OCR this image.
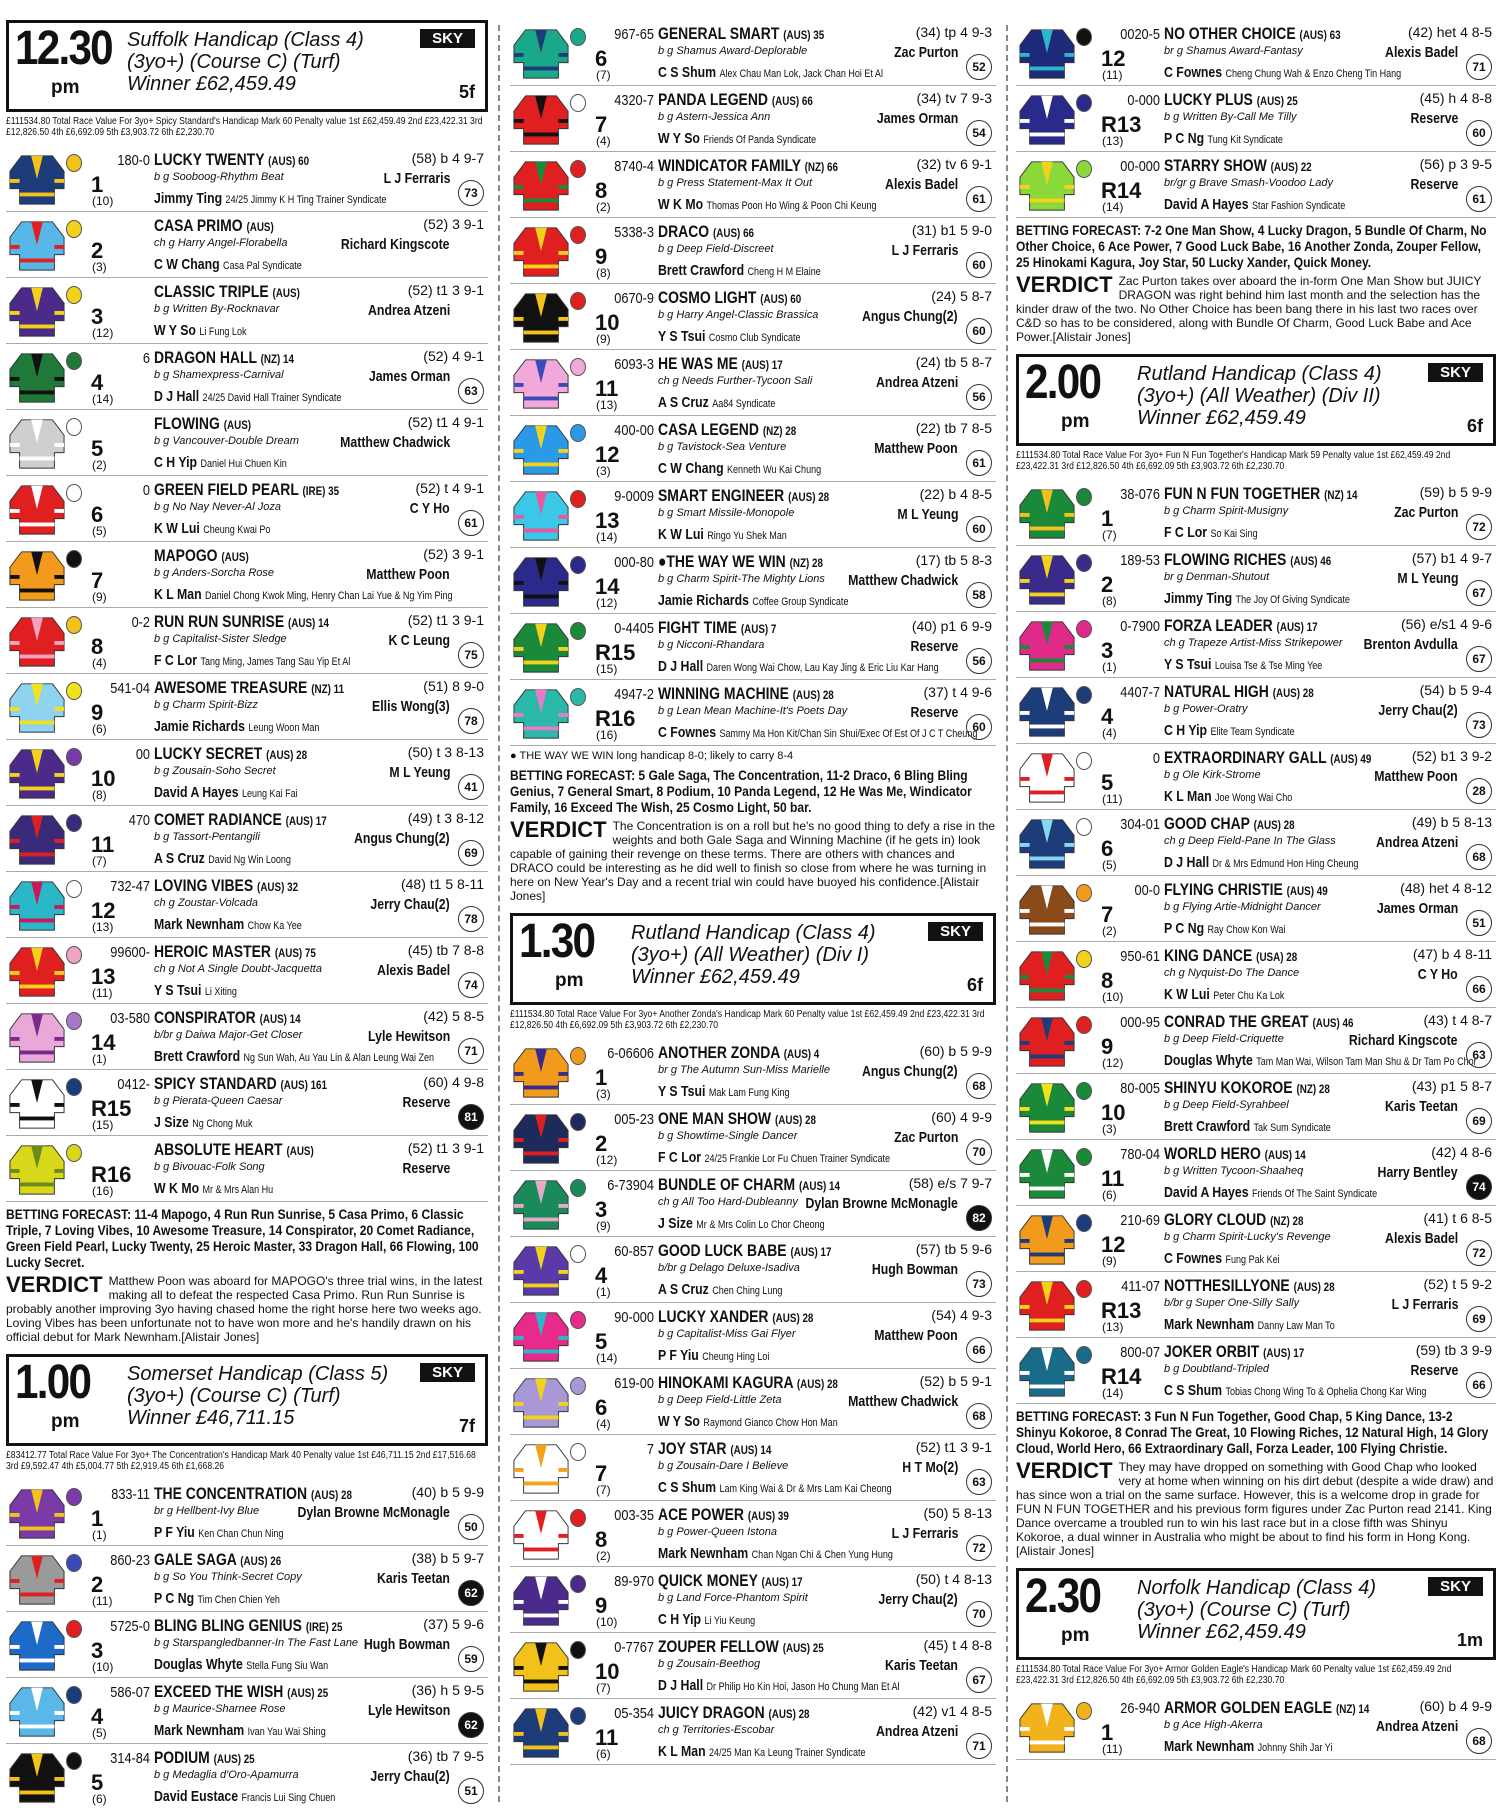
12.30
pm
Suffolk Handicap (Class 4)
(3yo+) (Course C) (Turf)
Winner £62,459.49
SKY
5f
£111534.80 Total Race Value For 3yo+ Spicy Standard's Handicap Mark 60 Penalty value 1st £62,459.49 2nd £23,422.31 3rd £12,826.50 4th £6,692.09 5th £3,903.72 6th £2,230.70
180-0 LUCKY TWENTY (AUS) 60
1
(10)
b g Sooboog-Rhythm Beat
Jimmy Ting 24/25 Jimmy K H Ting Trainer Syndicate
(58) b 4 9-7
L J Ferraris
73
CASA PRIMO (AUS)
2
(3)
ch g Harry Angel-Florabella
C W Chang Casa Pal Syndicate
(52) 3 9-1
Richard Kingscote
CLASSIC TRIPLE (AUS)
3
(12)
b g Written By-Rocknavar
W Y So Li Fung Lok
(52) t1 3 9-1
Andrea Atzeni
6 DRAGON HALL (NZ) 14
4
(14)
b g Shamexpress-Carnival
D J Hall 24/25 David Hall Trainer Syndicate
(52) 4 9-1
James Orman
63
FLOWING (AUS)
5
(2)
b g Vancouver-Double Dream
C H Yip Daniel Hui Chuen Kin
(52) t1 4 9-1
Matthew Chadwick
0 GREEN FIELD PEARL (IRE) 35
6
(5)
b g No Nay Never-Al Joza
K W Lui Cheung Kwai Po
(52) t 4 9-1
C Y Ho
61
MAPOGO (AUS)
7
(9)
b g Anders-Sorcha Rose
K L Man Daniel Chong Kwok Ming, Henry Chan Lai Yue & Ng Yim Ping
(52) 3 9-1
Matthew Poon
0-2 RUN RUN SUNRISE (AUS) 14
8
(4)
b g Capitalist-Sister Sledge
F C Lor Tang Ming, James Tang Sau Yip Et Al
(52) t1 3 9-1
K C Leung
75
541-04 AWESOME TREASURE (NZ) 11
9
(6)
b g Charm Spirit-Bizz
Jamie Richards Leung Woon Man
(51) 8 9-0
Ellis Wong(3)
78
00 LUCKY SECRET (AUS) 28
10
(8)
b g Zousain-Soho Secret
David A Hayes Leung Kai Fai
(50) t 3 8-13
M L Yeung
41
470 COMET RADIANCE (AUS) 17
11
(7)
b g Tassort-Pentangili
A S Cruz David Ng Win Loong
(49) t 3 8-12
Angus Chung(2)
69
732-47 LOVING VIBES (AUS) 32
12
(13)
ch g Zoustar-Volcada
Mark Newnham Chow Ka Yee
(48) t1 5 8-11
Jerry Chau(2)
78
99600- HEROIC MASTER (AUS) 75
13
(11)
ch g Not A Single Doubt-Jacquetta
Y S Tsui Li Xiting
(45) tb 7 8-8
Alexis Badel
74
03-580 CONSPIRATOR (AUS) 14
14
(1)
b/br g Daiwa Major-Get Closer
Brett Crawford Ng Sun Wah, Au Yau Lin & Alan Leung Wai Zen
(42) 5 8-5
Lyle Hewitson
71
0412- SPICY STANDARD (AUS) 161
R15
(15)
b g Pierata-Queen Caesar
J Size Ng Chong Muk
(60) 4 9-8
Reserve
81
ABSOLUTE HEART (AUS)
R16
(16)
b g Bivouac-Folk Song
W K Mo Mr & Mrs Alan Hu
(52) t1 3 9-1
Reserve
BETTING FORECAST: 11-4 Mapogo, 4 Run Run Sunrise, 5 Casa Primo, 6 Classic Triple, 7 Loving Vibes, 10 Awesome Treasure, 14 Conspirator, 20 Comet Radiance, Green Field Pearl, Lucky Twenty, 25 Heroic Master, 33 Dragon Hall, 66 Flowing, 100 Lucky Secret.
VERDICT Matthew Poon was aboard for MAPOGO's three trial wins, in the latest making all to defeat the respected Casa Primo. Run Run Sunrise is probably another improving 3yo having chased home the right horse here two weeks ago. Loving Vibes has been unfortunate not to have won more and he's handily drawn on his official debut for Mark Newnham.[Alistair Jones]
1.00
pm
Somerset Handicap (Class 5)
(3yo+) (Course C) (Turf)
Winner £46,711.15
SKY
7f
£83412.77 Total Race Value For 3yo+ The Concentration's Handicap Mark 40 Penalty value 1st £46,711.15 2nd £17,516.68 3rd £9,592.47 4th £5,004.77 5th £2,919.45 6th £1,668.26
833-11 THE CONCENTRATION (AUS) 28
1
(1)
br g Hellbent-Ivy Blue
P F Yiu Ken Chan Chun Ning
(40) b 5 9-9
Dylan Browne McMonagle
50
860-23 GALE SAGA (AUS) 26
2
(11)
b g So You Think-Secret Copy
P C Ng Tim Chen Chien Yeh
(38) b 5 9-7
Karis Teetan
62
5725-0 BLING BLING GENIUS (IRE) 25
3
(10)
b g Starspangledbanner-In The Fast Lane
Douglas Whyte Stella Fung Siu Wan
(37) 5 9-6
Hugh Bowman
59
586-07 EXCEED THE WISH (AUS) 25
4
(5)
b g Maurice-Sharnee Rose
Mark Newnham Ivan Yau Wai Shing
(36) h 5 9-5
Lyle Hewitson
62
314-84 PODIUM (AUS) 25
5
(6)
b g Medaglia d'Oro-Apamurra
David Eustace Francis Lui Sing Chuen
(36) tb 7 9-5
Jerry Chau(2)
51
967-65 GENERAL SMART (AUS) 35
6
(7)
b g Shamus Award-Deplorable
C S Shum Alex Chau Man Lok, Jack Chan Hoi Et Al
(34) tp 4 9-3
Zac Purton
52
4320-7 PANDA LEGEND (AUS) 66
7
(4)
b g Astern-Jessica Ann
W Y So Friends Of Panda Syndicate
(34) tv 7 9-3
James Orman
54
8740-4 WINDICATOR FAMILY (NZ) 66
8
(2)
b g Press Statement-Max It Out
W K Mo Thomas Poon Ho Wing & Poon Chi Keung
(32) tv 6 9-1
Alexis Badel
61
5338-3 DRACO (AUS) 66
9
(8)
b g Deep Field-Discreet
Brett Crawford Cheng H M Elaine
(31) b1 5 9-0
L J Ferraris
60
0670-9 COSMO LIGHT (AUS) 60
10
(9)
b g Harry Angel-Classic Brassica
Y S Tsui Cosmo Club Syndicate
(24) 5 8-7
Angus Chung(2)
60
6093-3 HE WAS ME (AUS) 17
11
(13)
ch g Needs Further-Tycoon Sali
A S Cruz Aa84 Syndicate
(24) tb 5 8-7
Andrea Atzeni
56
400-00 CASA LEGEND (NZ) 28
12
(3)
b g Tavistock-Sea Venture
C W Chang Kenneth Wu Kai Chung
(22) tb 7 8-5
Matthew Poon
61
9-0009 SMART ENGINEER (AUS) 28
13
(14)
b g Smart Missile-Monopole
K W Lui Ringo Yu Shek Man
(22) b 4 8-5
M L Yeung
60
000-80 ●THE WAY WE WIN (NZ) 28
14
(12)
b g Charm Spirit-The Mighty Lions
Jamie Richards Coffee Group Syndicate
(17) tb 5 8-3
Matthew Chadwick
58
0-4405 FIGHT TIME (AUS) 7
R15
(15)
b g Nicconi-Rhandara
D J Hall Daren Wong Wai Chow, Lau Kay Jing & Eric Liu Kar Hang
(40) p1 6 9-9
Reserve
56
4947-2 WINNING MACHINE (AUS) 28
R16
(16)
b g Lean Mean Machine-It's Poets Day
C Fownes Sammy Ma Hon Kit/Chan Sin Shui/Exec Of Est Of J C T Cheung
(37) t 4 9-6
Reserve
60
● THE WAY WE WIN long handicap 8-0; likely to carry 8-4
BETTING FORECAST: 5 Gale Saga, The Concentration, 11-2 Draco, 6 Bling Bling Genius, 7 General Smart, 8 Podium, 10 Panda Legend, 12 He Was Me, Windicator Family, 16 Exceed The Wish, 25 Cosmo Light, 50 bar.
VERDICT The Concentration is on a roll but he's no good thing to defy a rise in the weights and both Gale Saga and Winning Machine (if he gets in) look capable of gaining their revenge on these terms. There are others with chances and DRACO could be interesting as he did well to finish so close from where he was turning in here on New Year's Day and a recent trial win could have buoyed his confidence.[Alistair Jones]
1.30
pm
Rutland Handicap (Class 4)
(3yo+) (All Weather) (Div I)
Winner £62,459.49
SKY
6f
£111534.80 Total Race Value For 3yo+ Another Zonda's Handicap Mark 60 Penalty value 1st £62,459.49 2nd £23,422.31 3rd £12,826.50 4th £6,692.09 5th £3,903.72 6th £2,230.70
6-06606 ANOTHER ZONDA (AUS) 4
1
(3)
br g The Autumn Sun-Miss Marielle
Y S Tsui Mak Lam Fung King
(60) b 5 9-9
Angus Chung(2)
68
005-23 ONE MAN SHOW (AUS) 28
2
(12)
b g Showtime-Single Dancer
F C Lor 24/25 Frankie Lor Fu Chuen Trainer Syndicate
(60) 4 9-9
Zac Purton
70
6-73904 BUNDLE OF CHARM (AUS) 14
3
(9)
ch g All Too Hard-Dubleanny
J Size Mr & Mrs Colin Lo Chor Cheong
(58) e/s 7 9-7
Dylan Browne McMonagle
82
60-857 GOOD LUCK BABE (AUS) 17
4
(1)
b/br g Delago Deluxe-Isadiva
A S Cruz Chen Ching Lung
(57) tb 5 9-6
Hugh Bowman
73
90-000 LUCKY XANDER (AUS) 28
5
(14)
b g Capitalist-Miss Gai Flyer
P F Yiu Cheung Hing Loi
(54) 4 9-3
Matthew Poon
66
619-00 HINOKAMI KAGURA (AUS) 28
6
(4)
b g Deep Field-Little Zeta
W Y So Raymond Gianco Chow Hon Man
(52) b 5 9-1
Matthew Chadwick
68
7 JOY STAR (AUS) 14
7
(7)
b g Zousain-Dare I Believe
C S Shum Lam King Wai & Dr & Mrs Lam Kai Cheong
(52) t1 3 9-1
H T Mo(2)
63
003-35 ACE POWER (AUS) 39
8
(2)
b g Power-Queen Istona
Mark Newnham Chan Ngan Chi & Chen Yung Hung
(50) 5 8-13
L J Ferraris
72
89-970 QUICK MONEY (AUS) 17
9
(10)
b g Land Force-Phantom Spirit
C H Yip Li Yiu Keung
(50) t 4 8-13
Jerry Chau(2)
70
0-7767 ZOUPER FELLOW (AUS) 25
10
(7)
b g Zousain-Beethog
D J Hall Dr Philip Ho Kin Hoi, Jason Ho Chung Man Et Al
(45) t 4 8-8
Karis Teetan
67
05-354 JUICY DRAGON (AUS) 28
11
(6)
ch g Territories-Escobar
K L Man 24/25 Man Ka Leung Trainer Syndicate
(42) v1 4 8-5
Andrea Atzeni
71
0020-5 NO OTHER CHOICE (AUS) 63
12
(11)
br g Shamus Award-Fantasy
C Fownes Cheng Chung Wah & Enzo Cheng Tin Hang
(42) het 4 8-5
Alexis Badel
71
0-000 LUCKY PLUS (AUS) 25
R13
(13)
b g Written By-Call Me Tilly
P C Ng Tung Kit Syndicate
(45) h 4 8-8
Reserve
60
00-000 STARRY SHOW (AUS) 22
R14
(14)
br/gr g Brave Smash-Voodoo Lady
David A Hayes Star Fashion Syndicate
(56) p 3 9-5
Reserve
61
BETTING FORECAST: 7-2 One Man Show, 4 Lucky Dragon, 5 Bundle Of Charm, No Other Choice, 6 Ace Power, 7 Good Luck Babe, 16 Another Zonda, Zouper Fellow, 25 Hinokami Kagura, Joy Star, 50 Lucky Xander, Quick Money.
VERDICT Zac Purton takes over aboard the in-form One Man Show but JUICY DRAGON was right behind him last month and the selection has the kinder draw of the two. No Other Choice has been bang there in his last two races over C&D so has to be considered, along with Bundle Of Charm, Good Luck Babe and Ace Power.[Alistair Jones]
2.00
pm
Rutland Handicap (Class 4)
(3yo+) (All Weather) (Div II)
Winner £62,459.49
SKY
6f
£111534.80 Total Race Value For 3yo+ Fun N Fun Together's Handicap Mark 59 Penalty value 1st £62,459.49 2nd £23,422.31 3rd £12,826.50 4th £6,692.09 5th £3,903.72 6th £2,230.70
38-076 FUN N FUN TOGETHER (NZ) 14
1
(7)
b g Charm Spirit-Musigny
F C Lor So Kai Sing
(59) b 5 9-9
Zac Purton
72
189-53 FLOWING RICHES (AUS) 46
2
(8)
br g Denman-Shutout
Jimmy Ting The Joy Of Giving Syndicate
(57) b1 4 9-7
M L Yeung
67
0-7900 FORZA LEADER (AUS) 17
3
(1)
ch g Trapeze Artist-Miss Strikepower
Y S Tsui Louisa Tse & Tse Ming Yee
(56) e/s1 4 9-6
Brenton Avdulla
67
4407-7 NATURAL HIGH (AUS) 28
4
(4)
b g Power-Oratry
C H Yip Elite Team Syndicate
(54) b 5 9-4
Jerry Chau(2)
73
0 EXTRAORDINARY GALL (AUS) 49
5
(11)
b g Ole Kirk-Strome
K L Man Joe Wong Wai Cho
(52) b1 3 9-2
Matthew Poon
28
304-01 GOOD CHAP (AUS) 28
6
(5)
ch g Deep Field-Pane In The Glass
D J Hall Dr & Mrs Edmund Hon Hing Cheung
(49) b 5 8-13
Andrea Atzeni
68
00-0 FLYING CHRISTIE (AUS) 49
7
(2)
b g Flying Artie-Midnight Dancer
P C Ng Ray Chow Kon Wai
(48) het 4 8-12
James Orman
51
950-61 KING DANCE (USA) 28
8
(10)
ch g Nyquist-Do The Dance
K W Lui Peter Chu Ka Lok
(47) b 4 8-11
C Y Ho
66
000-95 CONRAD THE GREAT (AUS) 46
9
(12)
b g Deep Field-Criquette
Douglas Whyte Tam Man Wai, Wilson Tam Man Shu & Dr Tam Po Chor
(43) t 4 8-7
Richard Kingscote
63
80-005 SHINYU KOKOROE (NZ) 28
10
(3)
b g Deep Field-Syrahbeel
Brett Crawford Tak Sum Syndicate
(43) p1 5 8-7
Karis Teetan
69
780-04 WORLD HERO (AUS) 14
11
(6)
b g Written Tycoon-Shaaheq
David A Hayes Friends Of The Saint Syndicate
(42) 4 8-6
Harry Bentley
74
210-69 GLORY CLOUD (NZ) 28
12
(9)
b g Charm Spirit-Lucky's Revenge
C Fownes Fung Pak Kei
(41) t 6 8-5
Alexis Badel
72
411-07 NOTTHESILLYONE (AUS) 28
R13
(13)
b/br g Super One-Silly Sally
Mark Newnham Danny Law Man To
(52) t 5 9-2
L J Ferraris
69
800-07 JOKER ORBIT (AUS) 17
R14
(14)
b g Doubtland-Tripled
C S Shum Tobias Chong Wing To & Ophelia Chong Kar Wing
(59) tb 3 9-9
Reserve
66
BETTING FORECAST: 3 Fun N Fun Together, Good Chap, 5 King Dance, 13-2 Shinyu Kokoroe, 8 Conrad The Great, 10 Flowing Riches, 12 Natural High, 14 Glory Cloud, World Hero, 66 Extraordinary Gall, Forza Leader, 100 Flying Christie.
VERDICT They may have dropped on something with Good Chap who looked very at home when winning on his dirt debut (despite a wide draw) and has since won a trial on the same surface. However, this is a welcome drop in grade for FUN N FUN TOGETHER and his previous form figures under Zac Purton read 2141. King Dance overcame a troubled run to win his last race but in a close fifth was Shinyu Kokoroe, a dual winner in Australia who might be about to find his form in Hong Kong.[Alistair Jones]
2.30
pm
Norfolk Handicap (Class 4)
(3yo+) (Course C) (Turf)
Winner £62,459.49
SKY
1m
£111534.80 Total Race Value For 3yo+ Armor Golden Eagle's Handicap Mark 60 Penalty value 1st £62,459.49 2nd £23,422.31 3rd £12,826.50 4th £6,692.09 5th £3,903.72 6th £2,230.70
26-940 ARMOR GOLDEN EAGLE (NZ) 14
1
(11)
b g Ace High-Akerra
Mark Newnham Johnny Shih Jar Yi
(60) b 4 9-9
Andrea Atzeni
68
